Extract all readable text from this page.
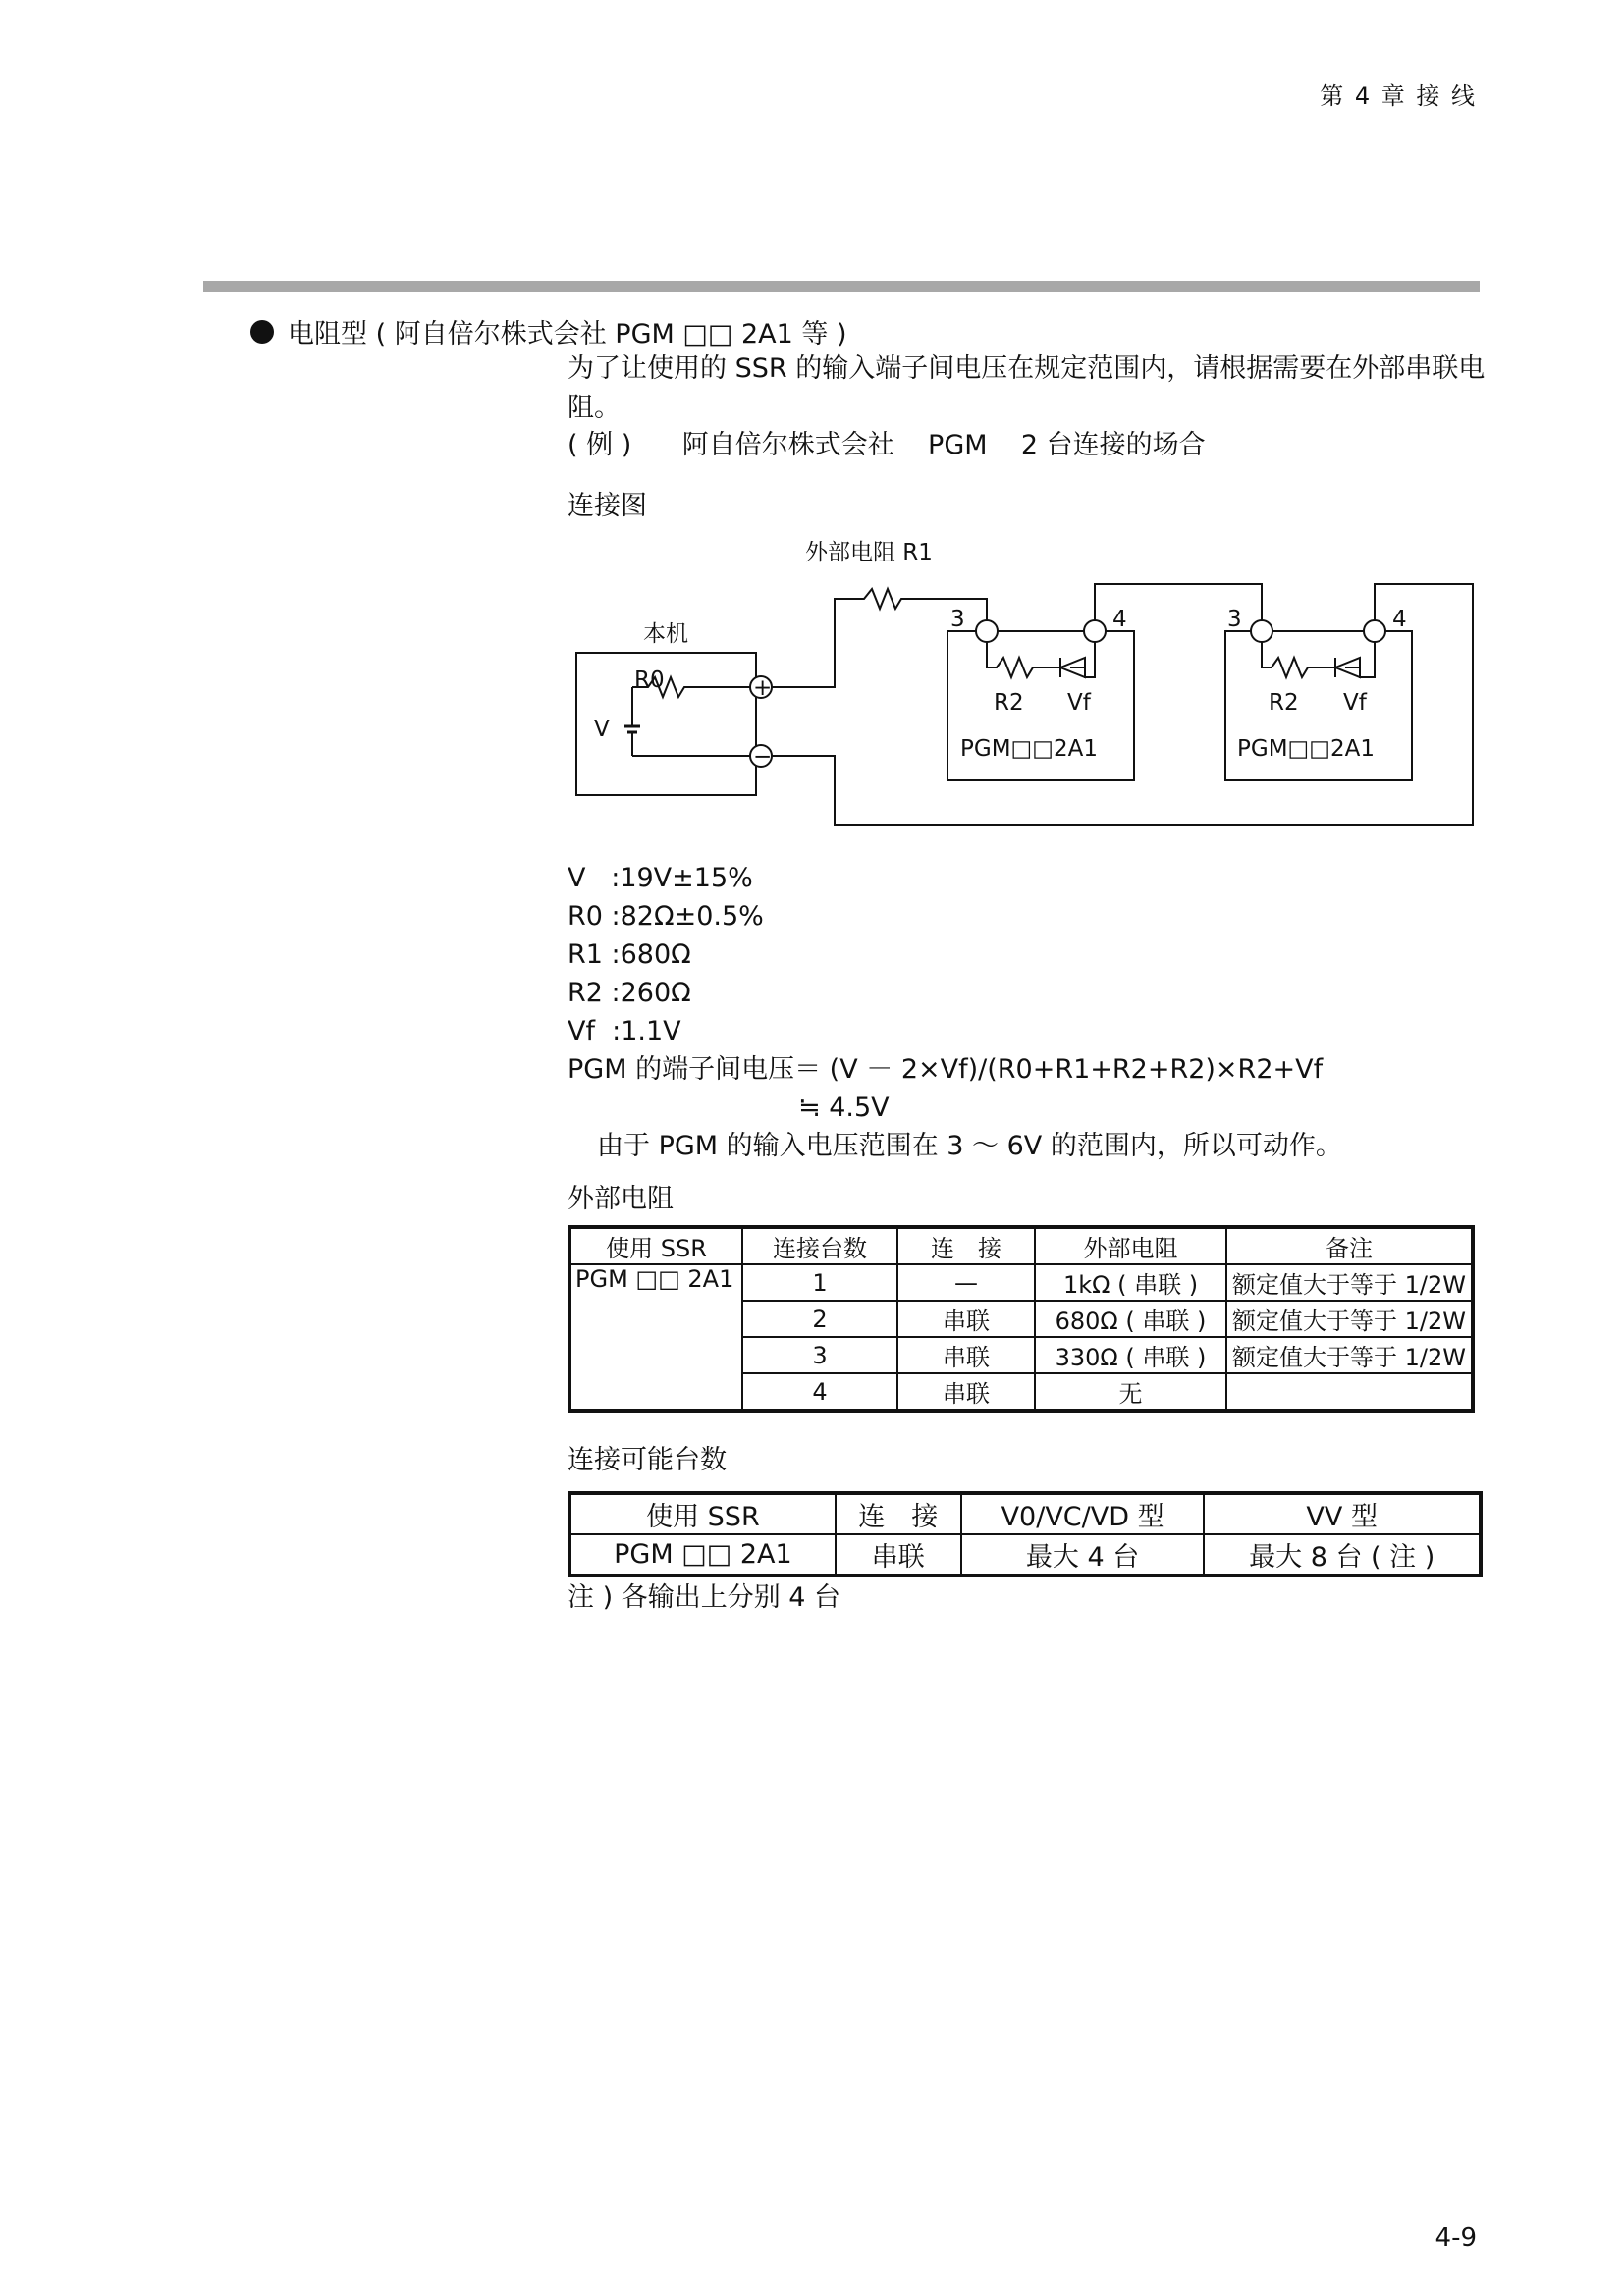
第 4 章 接 线
电阻型 ( 阿自倍尔株式会社 PGM □□ 2A1 等 )
为了让使用的 SSR 的输入端子间电压在规定范围内，请根据需要在外部串联电阻。
( 例 )      阿自倍尔株式会社    PGM    2 台连接的场合
连接图
外部电阻 R1
本机
R0
V
+
−
3	4
R2 Vf
PGM□□2A1
3	4
R2 Vf
PGM□□2A1
V   :19V±15%
R0 :82Ω±0.5%
R1 :680Ω
R2 :260Ω
Vf  :1.1V
PGM 的端子间电压＝ (V － 2×Vf)/(R0+R1+R2+R2)×R2+Vf
≒ 4.5V
由于 PGM 的输入电压范围在 3 ～ 6V 的范围内，所以可动作。
外部电阻
使用 SSR	连接台数	连　接	外部电阻	备注
PGM □□ 2A1	1	—	1kΩ ( 串联 )	额定值大于等于 1/2W
	2	串联	680Ω ( 串联 )	额定值大于等于 1/2W
	3	串联	330Ω ( 串联 )	额定值大于等于 1/2W
	4	串联	无	
连接可能台数
使用 SSR	连　接	V0/VC/VD 型	VV 型
PGM □□ 2A1	串联	最大 4 台	最大 8 台 ( 注 )
注 ) 各输出上分别 4 台
4-9
